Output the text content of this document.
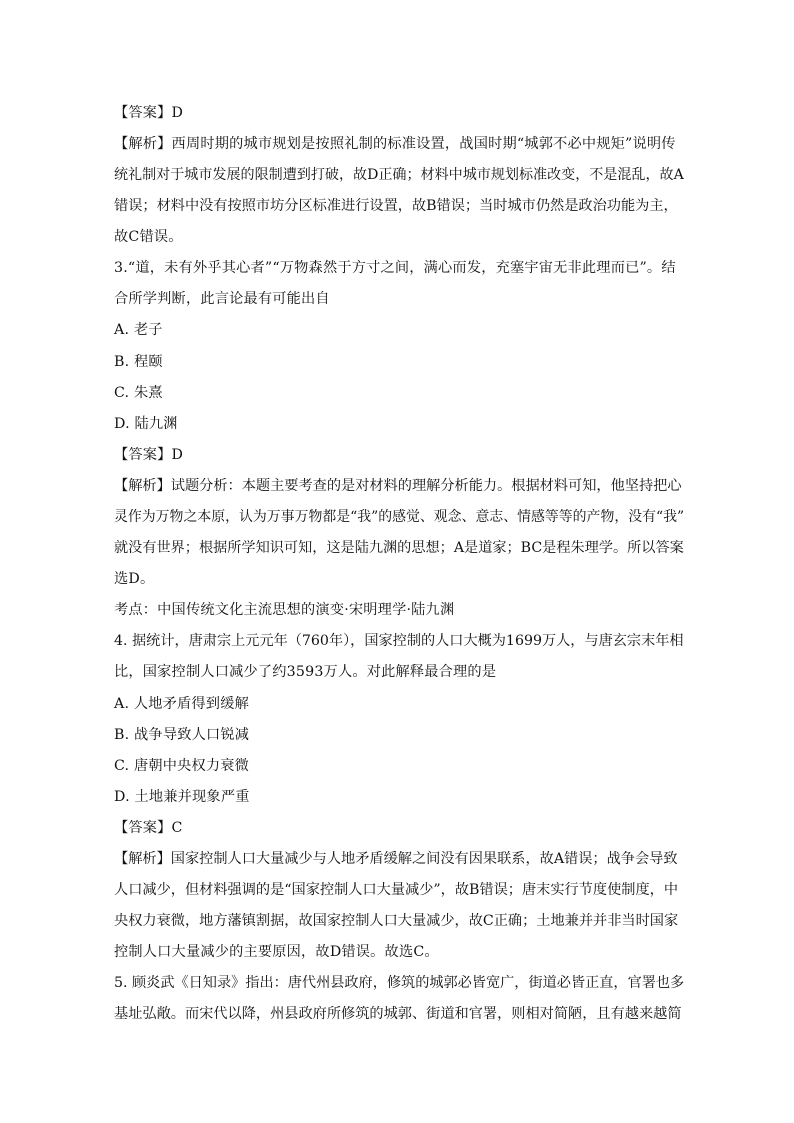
【答案】D
【解析】西周时期的城市规划是按照礼制的标准设置，战国时期“城郭不必中规矩”说明传
统礼制对于城市发展的限制遭到打破，故D正确；材料中城市规划标准改变，不是混乱，故A
错误；材料中没有按照市坊分区标准进行设置，故B错误；当时城市仍然是政治功能为主，
故C错误。
3.“道，未有外乎其心者”“万物森然于方寸之间，满心而发，充塞宇宙无非此理而已”。结
合所学判断，此言论最有可能出自
A. 老子
B. 程颐
C. 朱熹
D. 陆九渊
【答案】D
【解析】试题分析：本题主要考查的是对材料的理解分析能力。根据材料可知，他坚持把心
灵作为万物之本原，认为万事万物都是“我”的感觉、观念、意志、情感等等的产物，没有“我”
就没有世界；根据所学知识可知，这是陆九渊的思想；A是道家；BC是程朱理学。所以答案
选D。
考点：中国传统文化主流思想的演变·宋明理学·陆九渊
4. 据统计，唐肃宗上元元年（760年），国家控制的人口大概为1699万人，与唐玄宗末年相
比，国家控制人口减少了约3593万人。对此解释最合理的是
A. 人地矛盾得到缓解
B. 战争导致人口锐减
C. 唐朝中央权力衰微
D. 土地兼并现象严重
【答案】C
【解析】国家控制人口大量减少与人地矛盾缓解之间没有因果联系，故A错误；战争会导致
人口减少，但材料强调的是“国家控制人口大量减少”，故B错误；唐末实行节度使制度，中
央权力衰微，地方藩镇割据，故国家控制人口大量减少，故C正确；土地兼并并非当时国家
控制人口大量减少的主要原因，故D错误。故选C。
5. 顾炎武《日知录》指出：唐代州县政府，修筑的城郭必皆宽广，街道必皆正直，官署也多
基址弘敞。而宋代以降，州县政府所修筑的城郭、街道和官署，则相对简陋，且有越来越简
